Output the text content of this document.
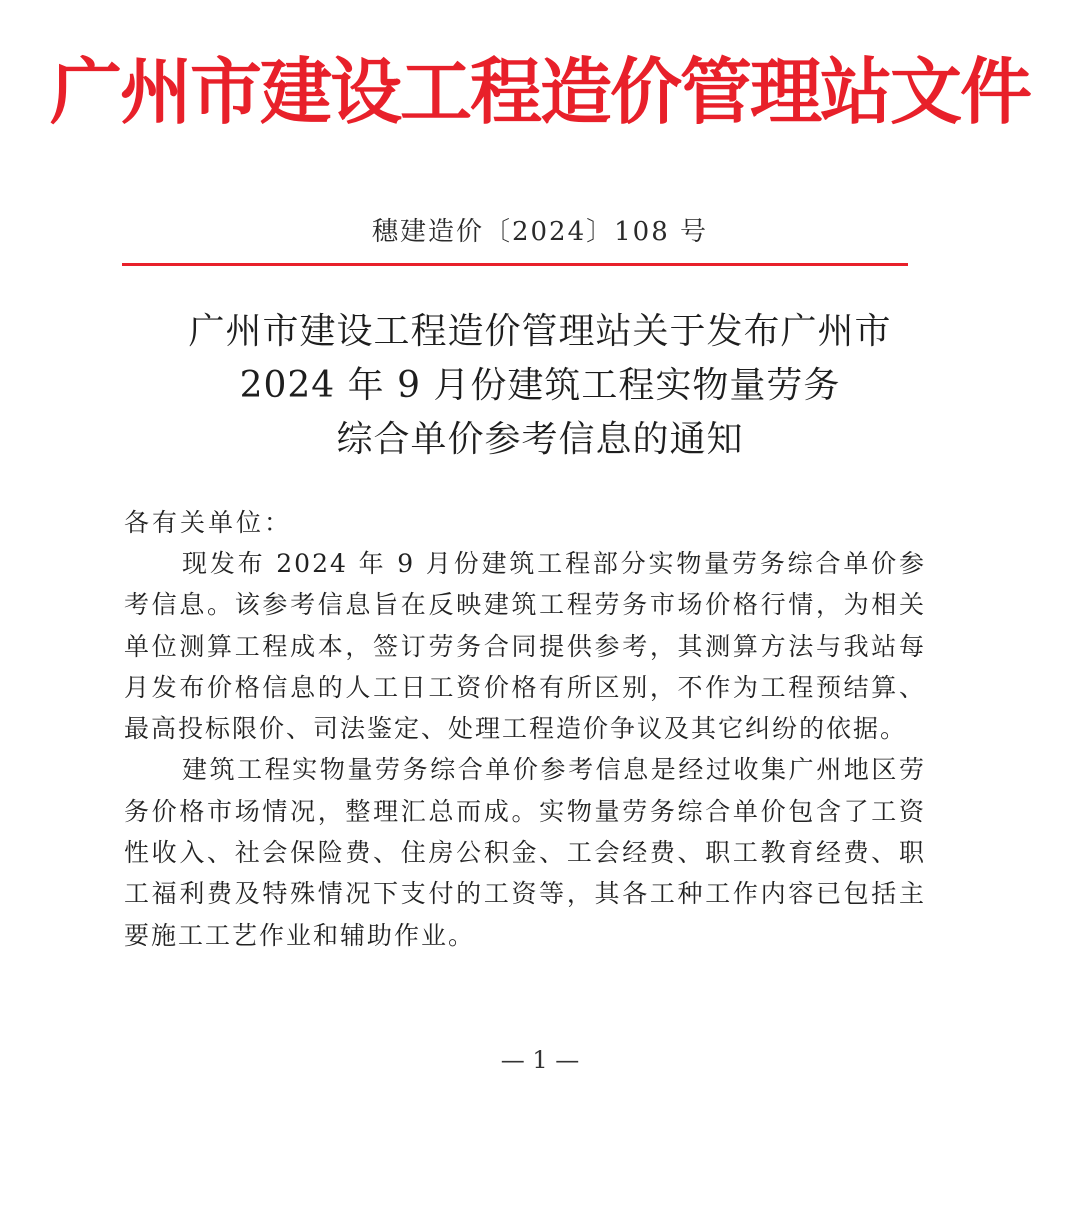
广州市建设工程造价管理站文件
穗建造价〔2024〕108 号
广州市建设工程造价管理站关于发布广州市
2024 年 9 月份建筑工程实物量劳务
综合单价参考信息的通知
各有关单位：

现发布 2024 年 9 月份建筑工程部分实物量劳务综合单价参考信息。该参考信息旨在反映建筑工程劳务市场价格行情，为相关单位测算工程成本，签订劳务合同提供参考，其测算方法与我站每月发布价格信息的人工日工资价格有所区别，不作为工程预结算、最高投标限价、司法鉴定、处理工程造价争议及其它纠纷的依据。

建筑工程实物量劳务综合单价参考信息是经过收集广州地区劳务价格市场情况，整理汇总而成。实物量劳务综合单价包含了工资性收入、社会保险费、住房公积金、工会经费、职工教育经费、职工福利费及特殊情况下支付的工资等，其各工种工作内容已包括主要施工工艺作业和辅助作业。

— 1 —
